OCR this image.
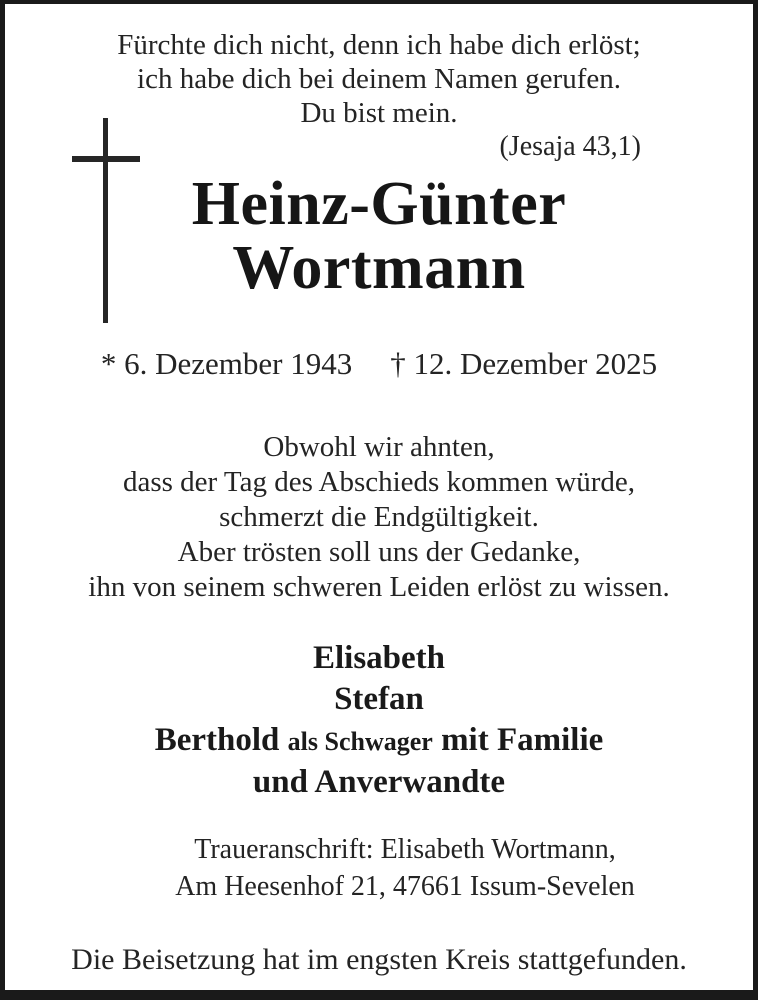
Fürchte dich nicht, denn ich habe dich erlöst;
ich habe dich bei deinem Namen gerufen.
Du bist mein.
(Jesaja 43,1)
Heinz-Günter
Wortmann
* 6. Dezember 1943 † 12. Dezember 2025
Obwohl wir ahnten,
dass der Tag des Abschieds kommen würde,
schmerzt die Endgültigkeit.
Aber trösten soll uns der Gedanke,
ihn von seinem schweren Leiden erlöst zu wissen.
Elisabeth
Stefan
Berthold als Schwager mit Familie
und Anverwandte
Traueranschrift: Elisabeth Wortmann,
Am Heesenhof 21, 47661 Issum-Sevelen
Die Beisetzung hat im engsten Kreis stattgefunden.
